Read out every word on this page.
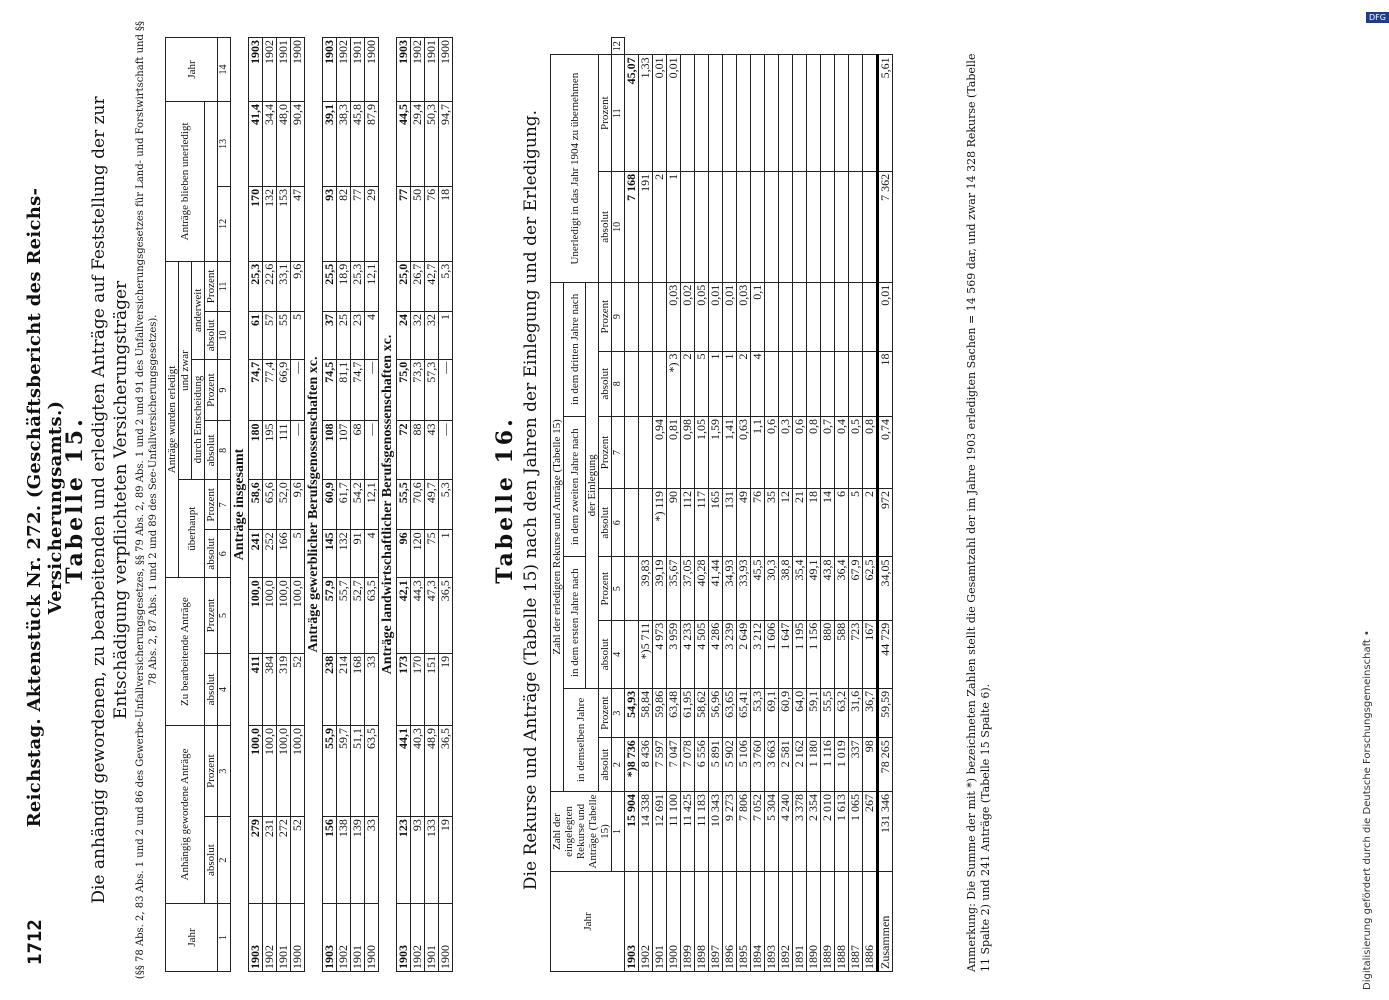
1712
Reichstag. Aktenstück Nr. 272. (Geschäftsbericht des Reichs-Versicherungsamts.)
Tabelle 15. Die anhängig gewordenen, zu bearbeitenden und erledigten Anträge auf Feststellung der zur Entschädigung verpflichteten Versicherungsträger (§§ 78 Abs. 2, 83 Abs. 1 und 2 und 86 des Gewerbe-Unfallversicherungsgesetzes, §§ 79 Abs. 2, 89 Abs. 1 und 2 und 91 des Unfallversicherungsgesetzes für Land- und Forstwirtschaft und §§ 78 Abs. 2, 87 Abs. 1 und 2 und 89 des See-Unfallversicherungsgesetzes).
Jahr	Anhängig gewordene Anträge		Zu bearbeitende Anträge		Anträge wurden erledigt						Anträge blieben unerledigt		Jahr
					überhaupt		und zwar						
							durch Entscheidung		anderweit				
	absolut	Prozent	absolut	Prozent	absolut	Prozent	absolut	Prozent	absolut	Prozent			
1	2	3	4	5	6	7	8	9	10	11	12	13	14
Anträge insgesamt													
1903	279	100,0	411	100,0	241	58,6	180	74,7	61	25,3	170	41,4	1903
1902	231	100,0	384	100,0	252	65,6	195	77,4	57	22,6	132	34,4	1902
1901	272	100,0	319	100,0	166	52,0	111	66,9	55	33,1	153	48,0	1901
1900	52	100,0	52	100,0	5	9,6	—	—	5	9,6	47	90,4	1900
Anträge gewerblicher Berufsgenossenschaften xc.													
1903	156	55,9	238	57,9	145	60,9	108	74,5	37	25,5	93	39,1	1903
1902	138	59,7	214	55,7	132	61,7	107	81,1	25	18,9	82	38,3	1902
1901	139	51,1	168	52,7	91	54,2	68	74,7	23	25,3	77	45,8	1901
1900	33	63,5	33	63,5	4	12,1	—	—	4	12,1	29	87,9	1900
Anträge landwirtschaftlicher Berufsgenossenschaften xc.													
1903	123	44,1	173	42,1	96	55,5	72	75,0	24	25,0	77	44,5	1903
1902	93	40,3	170	44,3	120	70,6	88	73,3	32	26,7	50	29,4	1902
1901	133	48,9	151	47,3	75	49,7	43	57,3	32	42,7	76	50,3	1901
1900	19	36,5	19	36,5	1	5,3	—	—	1	5,3	18	94,7	1900
Tabelle 16. Die Rekurse und Anträge (Tabelle 15) nach den Jahren der Einlegung und der Erledigung.
Jahr	Zahl der eingelegten Rekurse und Anträge (Tabelle 15)	Zahl der erledigten Rekurse und Anträge (Tabelle 15)								Unerledigt in das Jahr 1904 zu übernehmen		
		in demselben Jahre		in dem ersten Jahre nach		in dem zweiten Jahre nach		in dem dritten Jahre nach				
				der Einlegung								
		absolut	Prozent	absolut	Prozent	absolut	Prozent	absolut	Prozent	absolut	Prozent	
	1	2	3	4	5	6	7	8	9	10	11	12
1903	15 904	*)8 736	54,93							7 168	45,07	
1902	14 338	8 436	58,84	*)5 711	39,83					191	1,33	
1901	12 691	7 597	59,86	4 973	39,19	*) 119	0,94			2	0,01	
1900	11 100	7 047	63,48	3 959	35,67	90	0,81	*) 3	0,03	1	0,01	
1899	11 425	7 078	61,95	4 233	37,05	112	0,98	2	0,02			
1898	11 183	6 556	58,62	4 505	40,28	117	1,05	5	0,05			
1897	10 343	5 891	56,96	4 286	41,44	165	1,59	1	0,01			
1896	9 273	5 902	63,65	3 239	34,93	131	1,41	1	0,01			
1895	7 806	5 106	65,41	2 649	33,93	49	0,63	2	0,03			
1894	7 052	3 760	53,3	3 212	45,5	76	1,1	4	0,1			
1893	5 304	3 663	69,1	1 606	30,3	35	0,6					
1892	4 240	2 581	60,9	1 647	38,8	12	0,3					
1891	3 378	2 162	64,0	1 195	35,4	21	0,6					
1890	2 354	1 180	59,1	1 156	49,1	18	0,8					
1889	2 010	1 116	55,5	880	43,8	14	0,7					
1888	1 613	1 019	63,2	588	36,4	6	0,4					
1887	1 065	337	31,6	723	67,9	5	0,5					
1886	267	98	36,7	167	62,5	2	0,8					
Zusammen	131 346	78 265	59,59	44 729	34,05	972	0,74	18	0,01	7 362	5,61		Anmerkung: Die Summe der mit *) bezeichneten Zahlen stellt die Gesamtzahl der im Jahre 1903 erledigten Sachen = 14 569 dar, und zwar 14 328 Rekurse (Tabelle 11 Spalte 2) und 241 Anträge (Tabelle 15 Spalte 6).	Digitalisierung gefördert durch die Deutsche Forschungsgemeinschaft •
DFG
